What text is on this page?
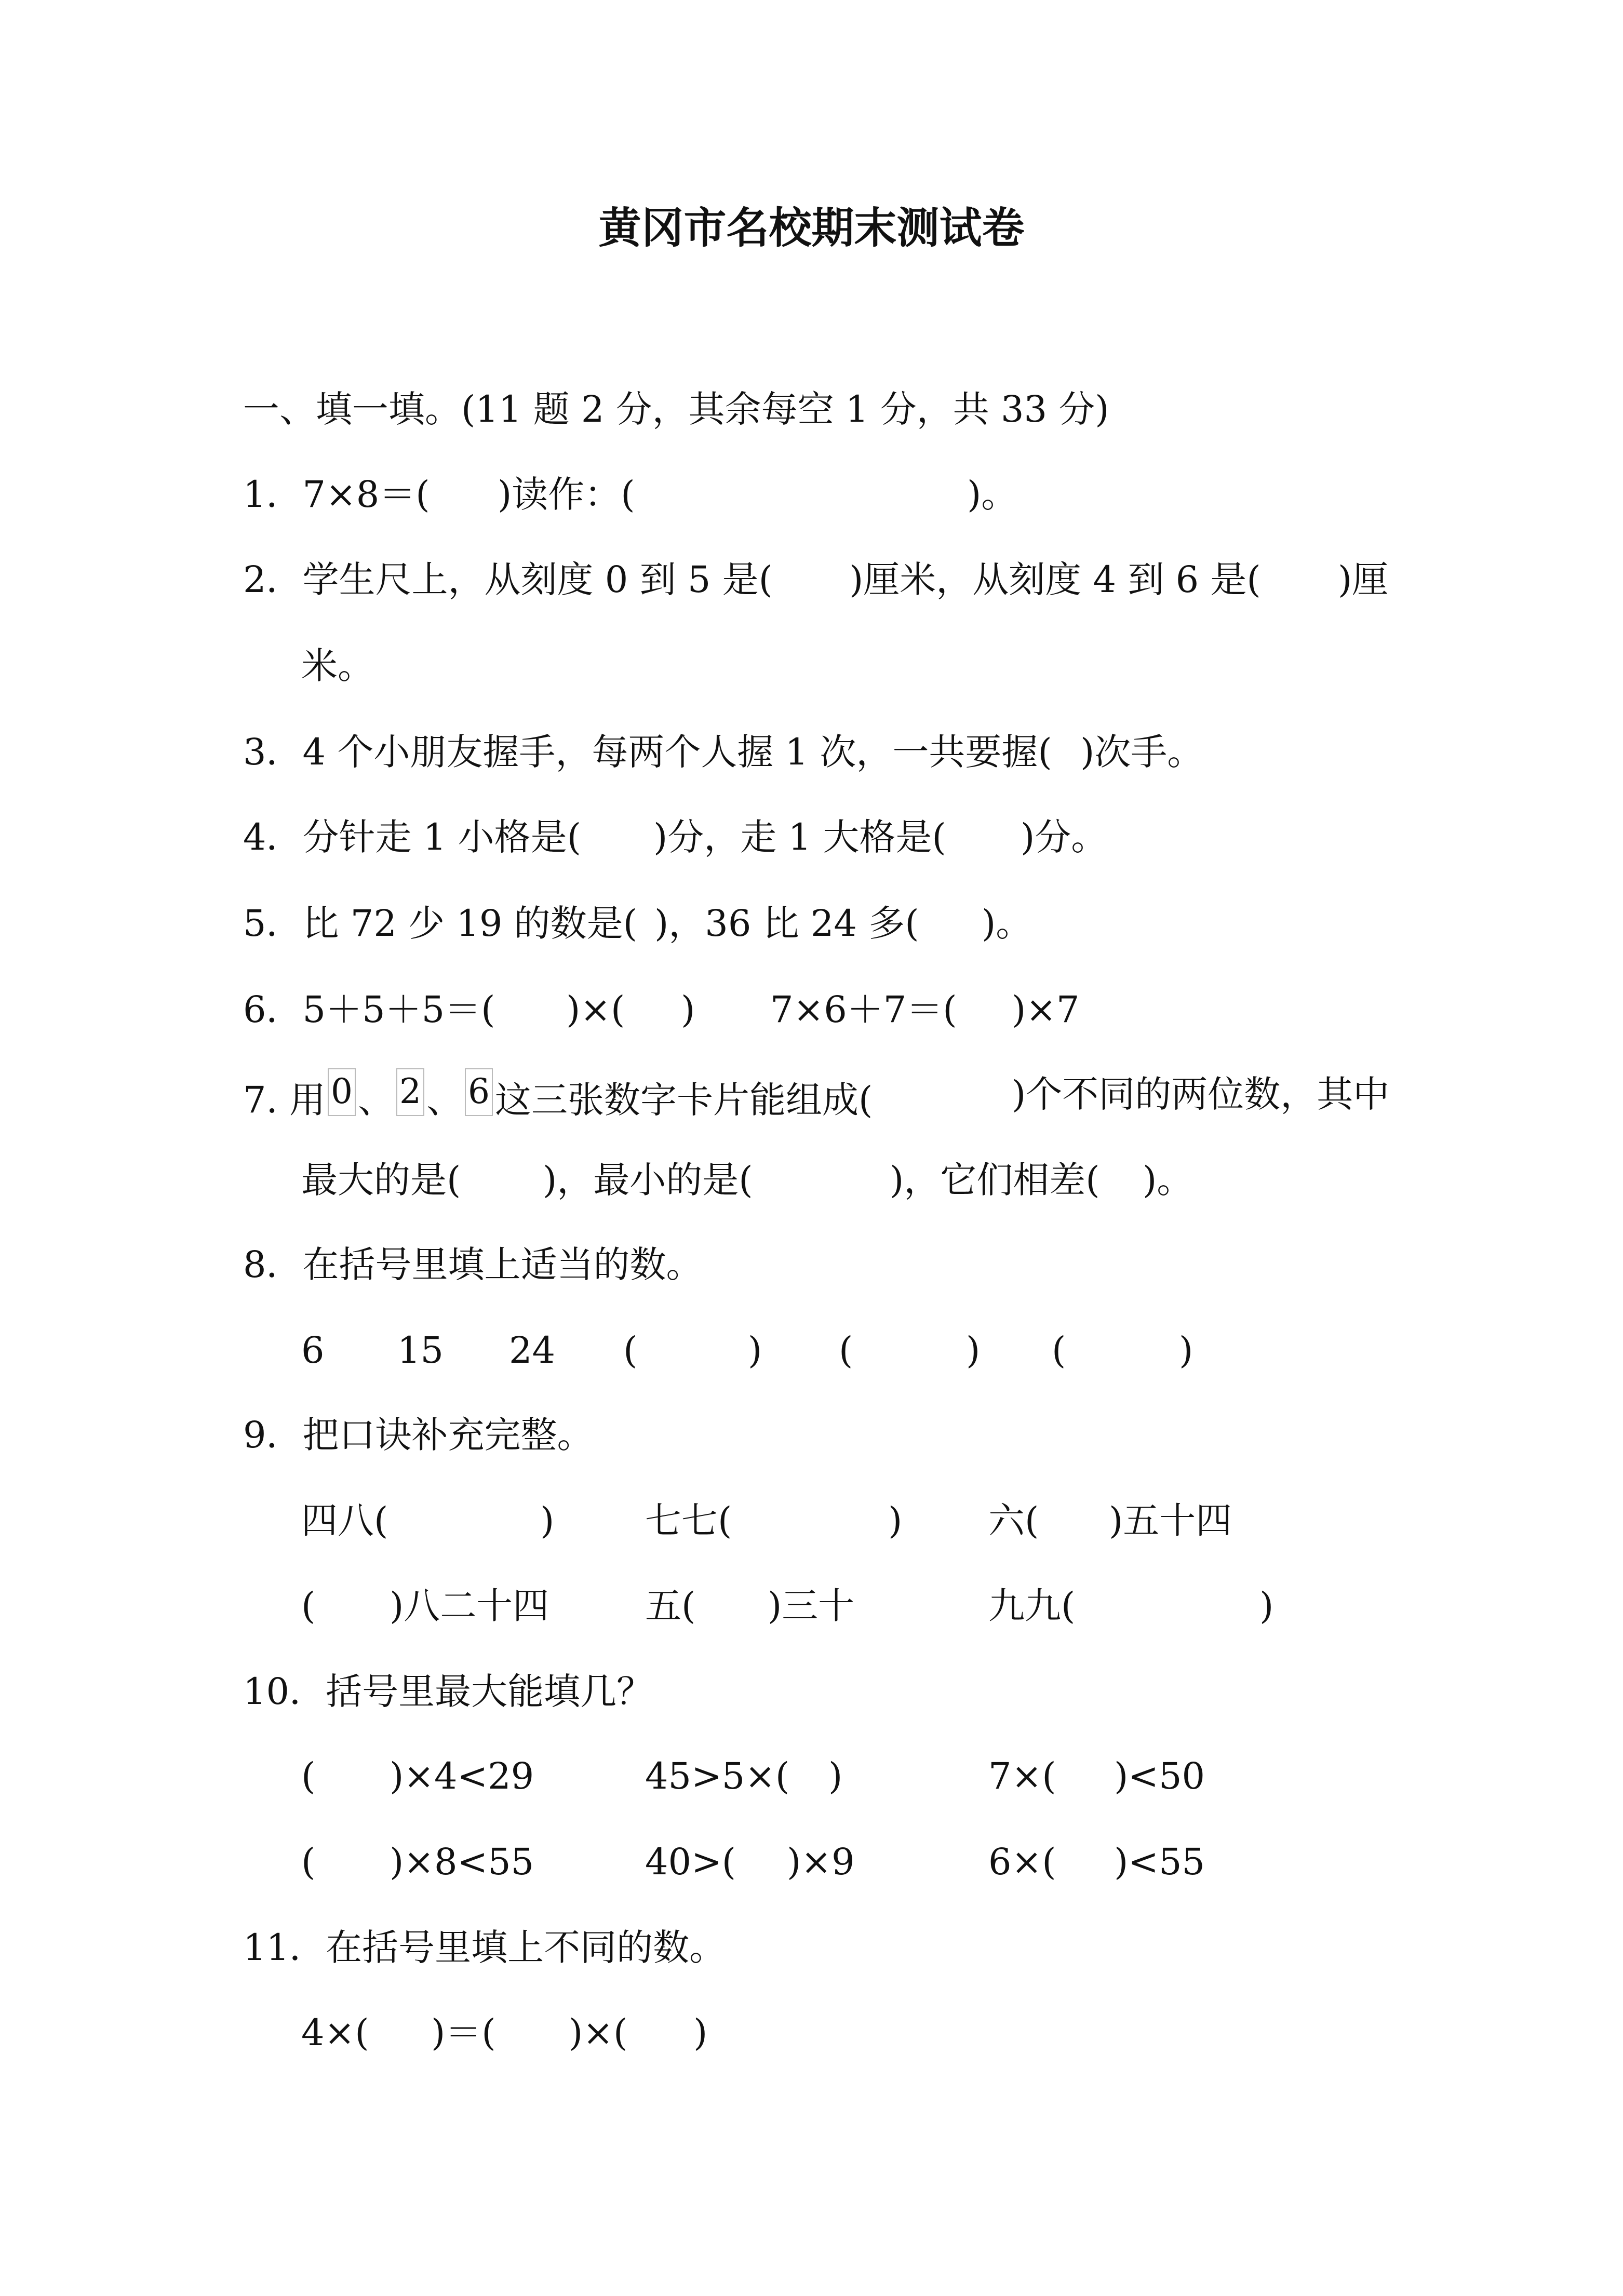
黄冈市名校期末测试卷
一、填一填。(11 题 2 分，其余每空 1 分，共 33 分)
1．7×8＝( )读作：(	)。
2．学生尺上，从刻度 0 到 5 是( )厘米，从刻度 4 到 6 是( )厘
米。
3．4 个小朋友握手，每两个人握 1 次，一共要握( )次手。
4．分针走 1 小格是( )分，走 1 大格是( )分。
5．比 72 少 19 的数是( )，36 比 24 多( )。
6．5＋5＋5＝( )×( ) 7×6＋7＝( )×7
7. 用 0 、 2 、 6 这三张数字卡片能组成(	)个不同的两位数，其中
最大的是( )，最小的是(	)，它们相差( )。
8．在括号里填上适当的数。
6 15 24 (	) (	) (	)
9．把口诀补充完整。
四八(	) 七七(	) 六( )五十四
( )八二十四	五( )三十	九九(	)
10．括号里最大能填几？
( )×4<29	45>5×( )	7×( )<50
( )×8<55	40>( )×9	6×( )<55
11．在括号里填上不同的数。
4×( )＝( )×( )
